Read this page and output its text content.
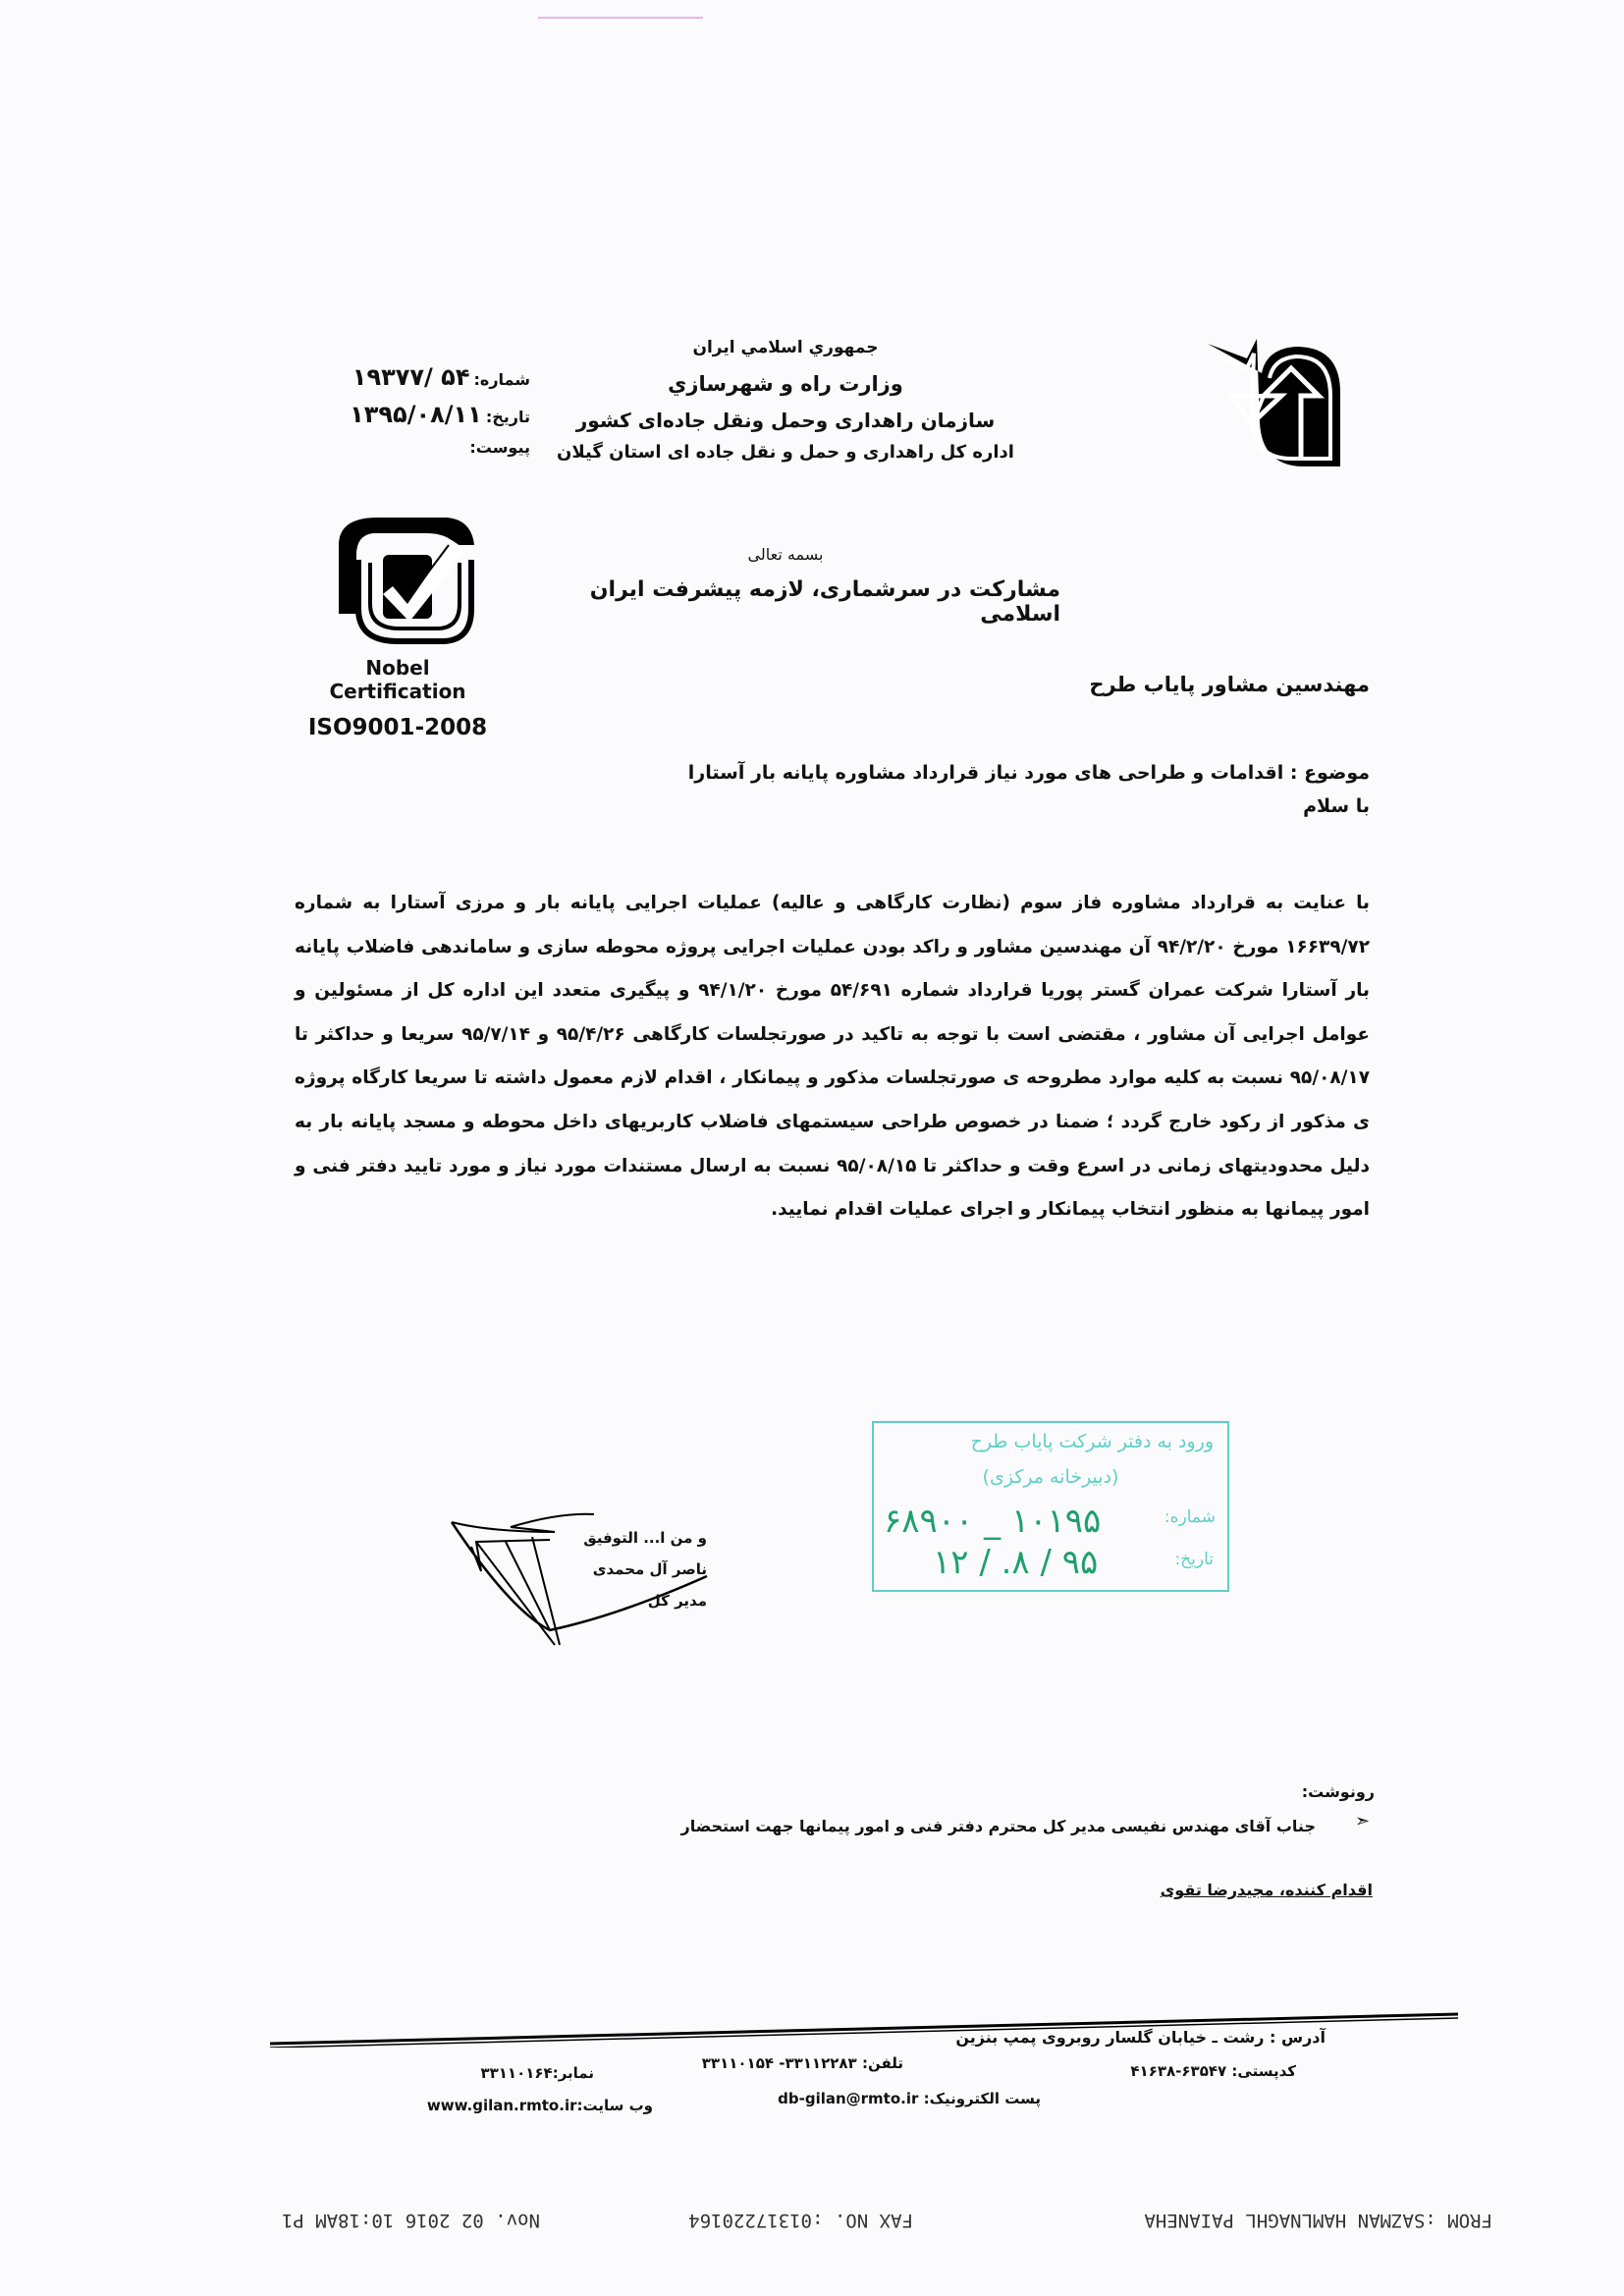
جمهوري اسلامي ايران
وزارت راه و شهرسازي
سازمان راهداری وحمل ونقل جاده‌ای کشور
اداره کل راهداری و حمل و نقل جاده ای استان گیلان
شماره:
۵۴ /۱۹۳۷۷
تاریخ:
۱۳۹۵/۰۸/۱۱
پیوست:
Nobel
Certification
ISO9001-2008
بسمه تعالی
مشارکت در سرشماری، لازمه پیشرفت ایران اسلامی
مهندسین مشاور پایاب طرح
موضوع : اقدامات و طراحی های مورد نیاز قرارداد مشاوره پایانه بار آستارا
با سلام
با عنایت به قرارداد مشاوره فاز سوم (نظارت کارگاهی و عالیه) عملیات اجرایی پایانه بار و مرزی آستارا به شماره ۱۶۶۳۹/۷۲ مورخ ۹۴/۲/۲۰ آن مهندسین مشاور و راکد بودن عملیات اجرایی پروژه محوطه سازی و ساماندهی فاضلاب پایانه بار آستارا شرکت عمران گستر پوریا قرارداد شماره ۵۴/۶۹۱ مورخ ۹۴/۱/۲۰ و پیگیری متعدد این اداره کل از مسئولین و عوامل اجرایی آن مشاور ، مقتضی است با توجه به تاکید در صورتجلسات کارگاهی ۹۵/۴/۲۶ و ۹۵/۷/۱۴ سریعا و حداکثر تا ۹۵/۰۸/۱۷ نسبت به کلیه موارد مطروحه ی صورتجلسات مذکور و پیمانکار ، اقدام لازم معمول داشته تا سریعا کارگاه پروژه ی مذکور از رکود خارج گردد ؛ ضمنا در خصوص طراحی سیستمهای فاضلاب کاربریهای داخل محوطه و مسجد پایانه بار به دلیل محدودیتهای زمانی در اسرع وقت و حداکثر تا ۹۵/۰۸/۱۵ نسبت به ارسال مستندات مورد نیاز و مورد تایید دفتر فنی و امور پیمانها به منظور انتخاب پیمانکار و اجرای عملیات اقدام نمایید.
و من ا... التوفیق
ناصر آل محمدی
مدیر کل
ورود به دفتر شرکت پایاب طرح
(دبیرخانه مرکزی)
شماره:
۱۰۱۹۵ _ ۶۸۹۰۰
تاریخ:
۹۵ / ۸. / ۱۲
رونوشت:
➣
جناب آقای مهندس نفیسی مدیر کل محترم دفتر فنی و امور پیمانها جهت استحضار
اقدام کننده، مجیدرضا تقوی
آدرس : رشت ـ خیابان گلسار روبروی پمپ بنزین
تلفن: ۳۳۱۱۲۲۸۳- ۳۳۱۱۰۱۵۴
نمابر:۳۳۱۱۰۱۶۴	کدپستی: ۶۳۵۴۷-۴۱۶۳۸
پست الکترونیک: db-gilan@rmto.ir
وب سایت:www.gilan.rmto.ir
FROM :SAZMAN HAMLNAGHL PAIANEHA
FAX NO. :01317220164
Nov. 02 2016 10:18AM P1
